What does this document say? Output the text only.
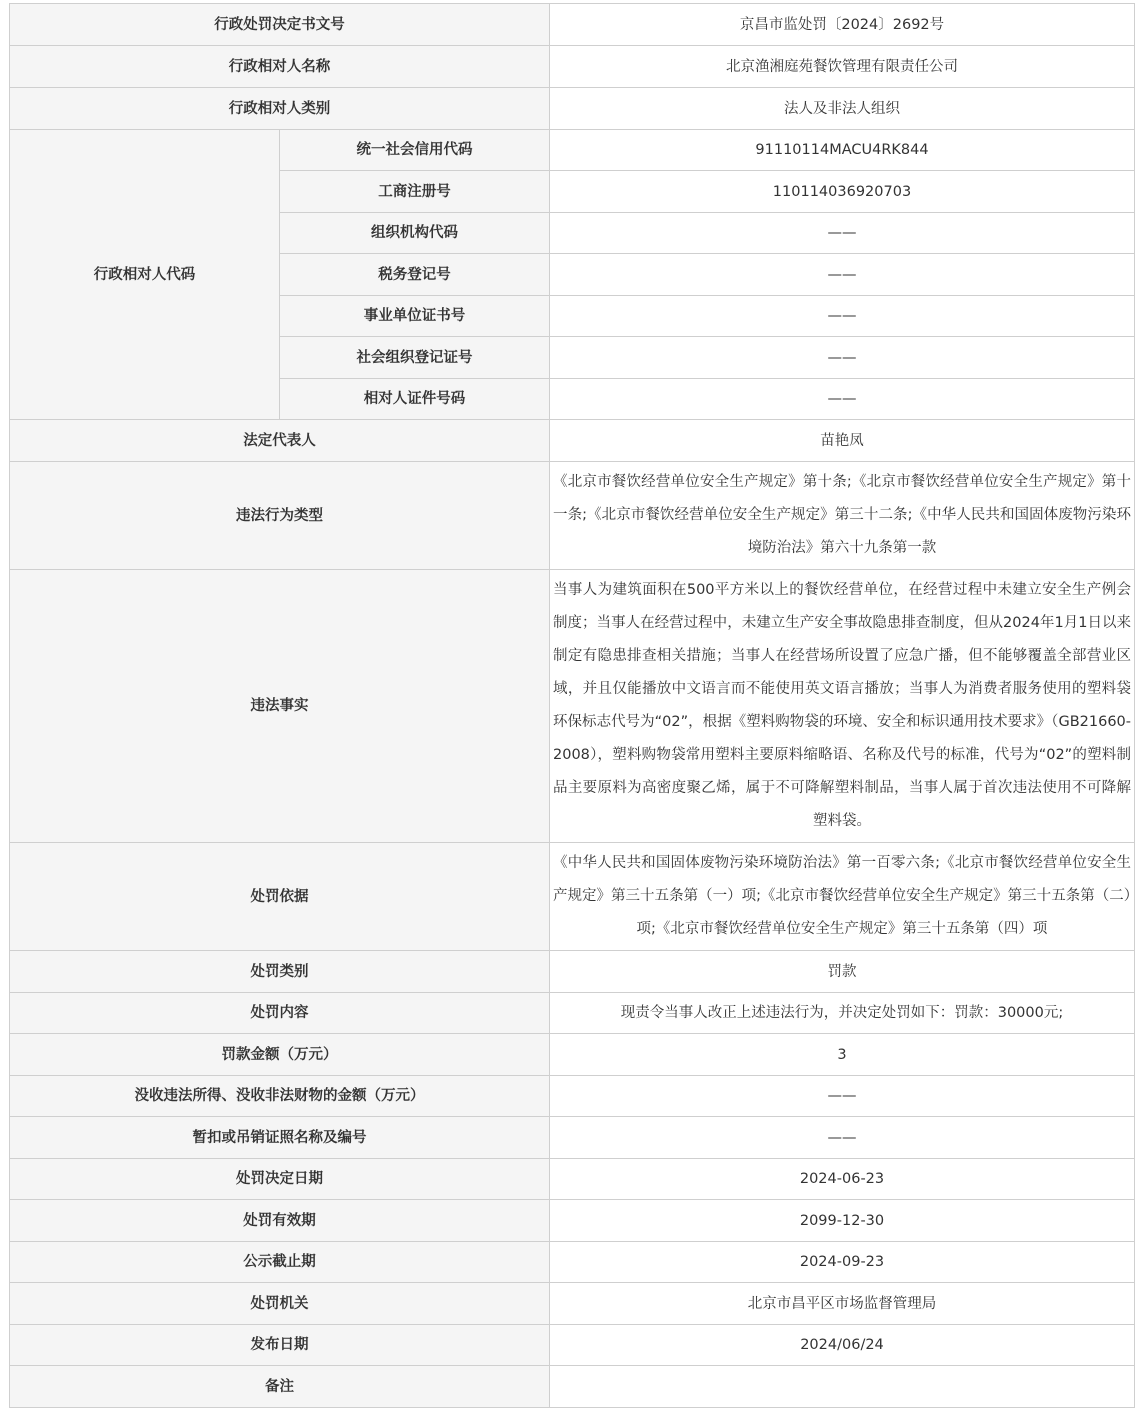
行政处罚决定书文号		京昌市监处罚〔2024〕2692号
行政相对人名称		北京渔湘庭苑餐饮管理有限责任公司
行政相对人类别		法人及非法人组织
行政相对人代码	统一社会信用代码	91110114MACU4RK844
	工商注册号	110114036920703
	组织机构代码	——
	税务登记号	——
	事业单位证书号	——
	社会组织登记证号	——
	相对人证件号码	——
法定代表人		苗艳凤
违法行为类型		《北京市餐饮经营单位安全生产规定》第十条;《北京市餐饮经营单位安全生产规定》第十一条;《北京市餐饮经营单位安全生产规定》第三十二条;《中华人民共和国固体废物污染环境防治法》第六十九条第一款
违法事实		当事人为建筑面积在500平方米以上的餐饮经营单位，在经营过程中未建立安全生产例会制度；当事人在经营过程中，未建立生产安全事故隐患排查制度，但从2024年1月1日以来制定有隐患排查相关措施；当事人在经营场所设置了应急广播，但不能够覆盖全部营业区域，并且仅能播放中文语言而不能使用英文语言播放；当事人为消费者服务使用的塑料袋环保标志代号为“02”，根据《塑料购物袋的环境、安全和标识通用技术要求》（GB21660-2008），塑料购物袋常用塑料主要原料缩略语、名称及代号的标准，代号为“02”的塑料制品主要原料为高密度聚乙烯，属于不可降解塑料制品，当事人属于首次违法使用不可降解塑料袋。
处罚依据		《中华人民共和国固体废物污染环境防治法》第一百零六条;《北京市餐饮经营单位安全生产规定》第三十五条第（一）项;《北京市餐饮经营单位安全生产规定》第三十五条第（二）项;《北京市餐饮经营单位安全生产规定》第三十五条第（四）项
处罚类别		罚款
处罚内容		现责令当事人改正上述违法行为，并决定处罚如下：罚款：30000元;
罚款金额（万元）		3
没收违法所得、没收非法财物的金额（万元）		——
暂扣或吊销证照名称及编号		——
处罚决定日期		2024-06-23
处罚有效期		2099-12-30
公示截止期		2024-09-23
处罚机关		北京市昌平区市场监督管理局
发布日期		2024/06/24
备注		
